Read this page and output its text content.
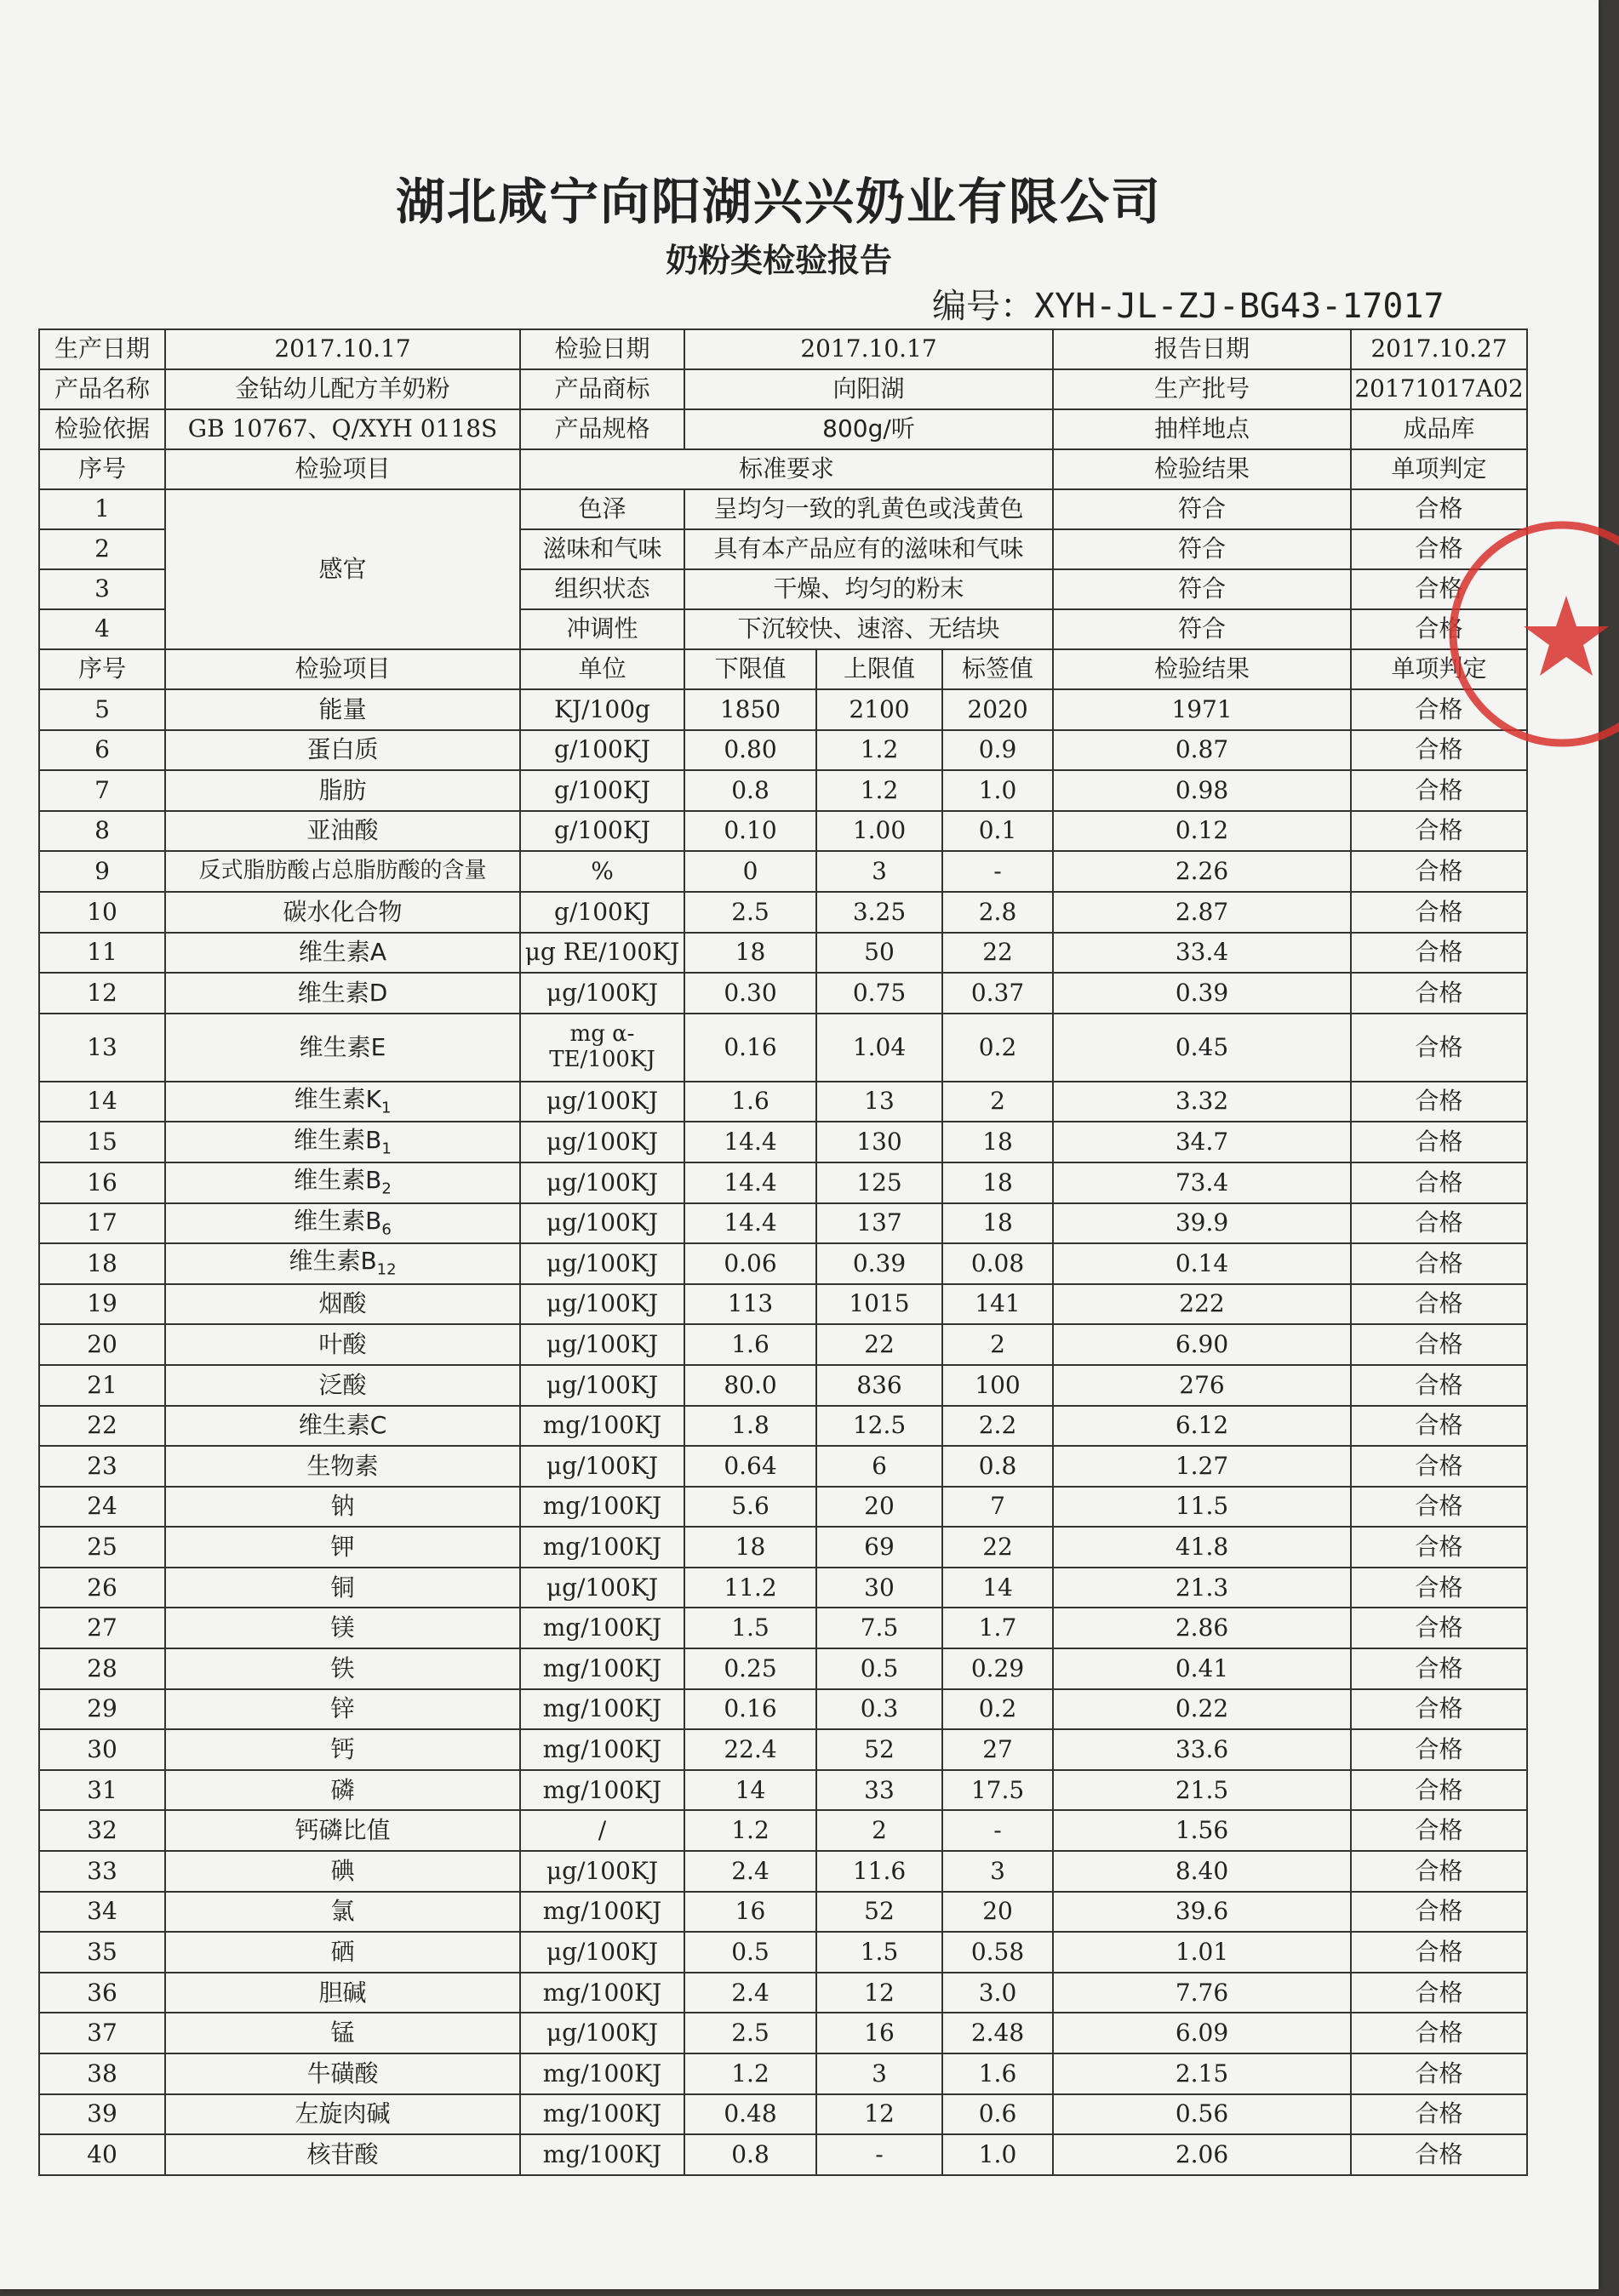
湖北咸宁向阳湖兴兴奶业有限公司
奶粉类检验报告
编号：XYH-JL-ZJ-BG43-17017
生产日期	2017.10.17	检验日期	2017.10.17			报告日期	2017.10.27
产品名称	金钻幼儿配方羊奶粉	产品商标	向阳湖			生产批号	20171017A02
检验依据	GB 10767、Q/XYH 0118S	产品规格	800g/听			抽样地点	成品库
序号	检验项目	标准要求				检验结果	单项判定
1	感官	色泽	呈均匀一致的乳黄色或浅黄色			符合	合格
2		滋味和气味	具有本产品应有的滋味和气味			符合	合格
3		组织状态	干燥、均匀的粉末			符合	合格
4		冲调性	下沉较快、速溶、无结块			符合	合格
序号	检验项目	单位	下限值	上限值	标签值	检验结果	单项判定
5	能量	KJ/100g	1850	2100	2020	1971	合格
6	蛋白质	g/100KJ	0.80	1.2	0.9	0.87	合格
7	脂肪	g/100KJ	0.8	1.2	1.0	0.98	合格
8	亚油酸	g/100KJ	0.10	1.00	0.1	0.12	合格
9	反式脂肪酸占总脂肪酸的含量	%	0	3	-	2.26	合格
10	碳水化合物	g/100KJ	2.5	3.25	2.8	2.87	合格
11	维生素A	μg RE/100KJ	18	50	22	33.4	合格
12	维生素D	μg/100KJ	0.30	0.75	0.37	0.39	合格
13	维生素E	mg α-TE/100KJ	0.16	1.04	0.2	0.45	合格
14	维生素$K_1$	μg/100KJ	1.6	13	2	3.32	合格
15	维生素$B_1$	μg/100KJ	14.4	130	18	34.7	合格
16	维生素$B_2$	μg/100KJ	14.4	125	18	73.4	合格
17	维生素$B_6$	μg/100KJ	14.4	137	18	39.9	合格
18	维生素$B_{12}$	μg/100KJ	0.06	0.39	0.08	0.14	合格
19	烟酸	μg/100KJ	113	1015	141	222	合格
20	叶酸	μg/100KJ	1.6	22	2	6.90	合格
21	泛酸	μg/100KJ	80.0	836	100	276	合格
22	维生素C	mg/100KJ	1.8	12.5	2.2	6.12	合格
23	生物素	μg/100KJ	0.64	6	0.8	1.27	合格
24	钠	mg/100KJ	5.6	20	7	11.5	合格
25	钾	mg/100KJ	18	69	22	41.8	合格
26	铜	μg/100KJ	11.2	30	14	21.3	合格
27	镁	mg/100KJ	1.5	7.5	1.7	2.86	合格
28	铁	mg/100KJ	0.25	0.5	0.29	0.41	合格
29	锌	mg/100KJ	0.16	0.3	0.2	0.22	合格
30	钙	mg/100KJ	22.4	52	27	33.6	合格
31	磷	mg/100KJ	14	33	17.5	21.5	合格
32	钙磷比值	/	1.2	2	-	1.56	合格
33	碘	μg/100KJ	2.4	11.6	3	8.40	合格
34	氯	mg/100KJ	16	52	20	39.6	合格
35	硒	μg/100KJ	0.5	1.5	0.58	1.01	合格
36	胆碱	mg/100KJ	2.4	12	3.0	7.76	合格
37	锰	μg/100KJ	2.5	16	2.48	6.09	合格
38	牛磺酸	mg/100KJ	1.2	3	1.6	2.15	合格
39	左旋肉碱	mg/100KJ	0.48	12	0.6	0.56	合格
40	核苷酸	mg/100KJ	0.8	-	1.0	2.06	合格
